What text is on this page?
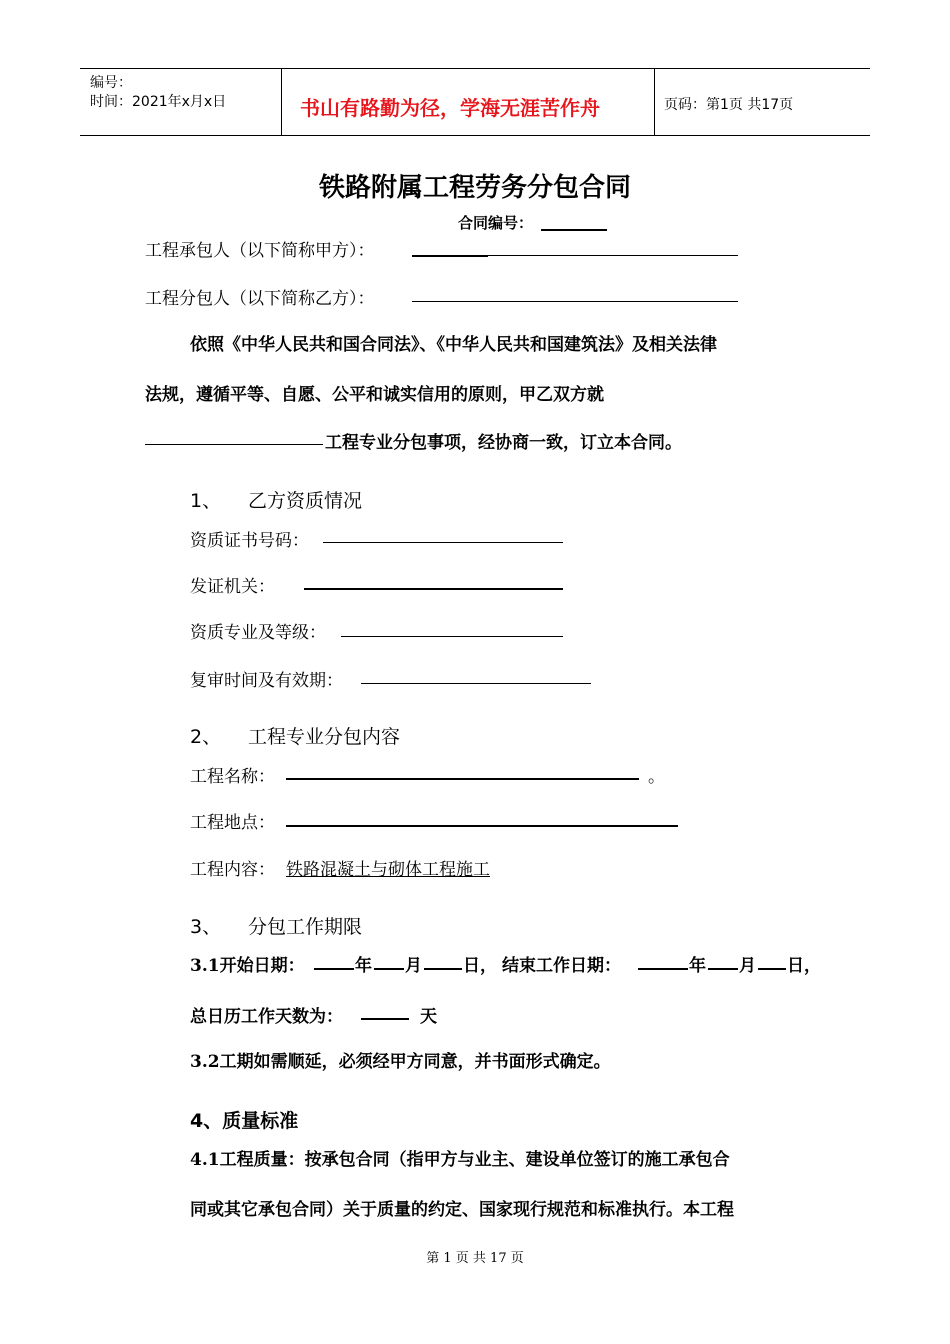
编号：
时间：2021年x月x日	书山有路勤为径，学海无涯苦作舟	页码：第1页 共17页
铁路附属工程劳务分包合同
合同编号：
工程承包人（以下简称甲方）：
工程分包人（以下简称乙方）：
依照《中华人民共和国合同法》、《中华人民共和国建筑法》及相关法律
法规，遵循平等、自愿、公平和诚实信用的原则，甲乙双方就
工程专业分包事项，经协商一致，订立本合同。
1、 乙方资质情况
资质证书号码：
发证机关：
资质专业及等级：
复审时间及有效期：
2、 工程专业分包内容
工程名称：	。
工程地点：
工程内容： 铁路混凝土与砌体工程施工
3、 分包工作期限
3.1开始日期：	年 月 日， 结束工作日期：	年 月 日，
总日历工作天数为：	天
3.2工期如需顺延，必须经甲方同意，并书面形式确定。
4、质量标准
4.1工程质量：按承包合同（指甲方与业主、建设单位签订的施工承包合
同或其它承包合同）关于质量的约定、国家现行规范和标准执行。本工程
第 1 页 共 17 页
